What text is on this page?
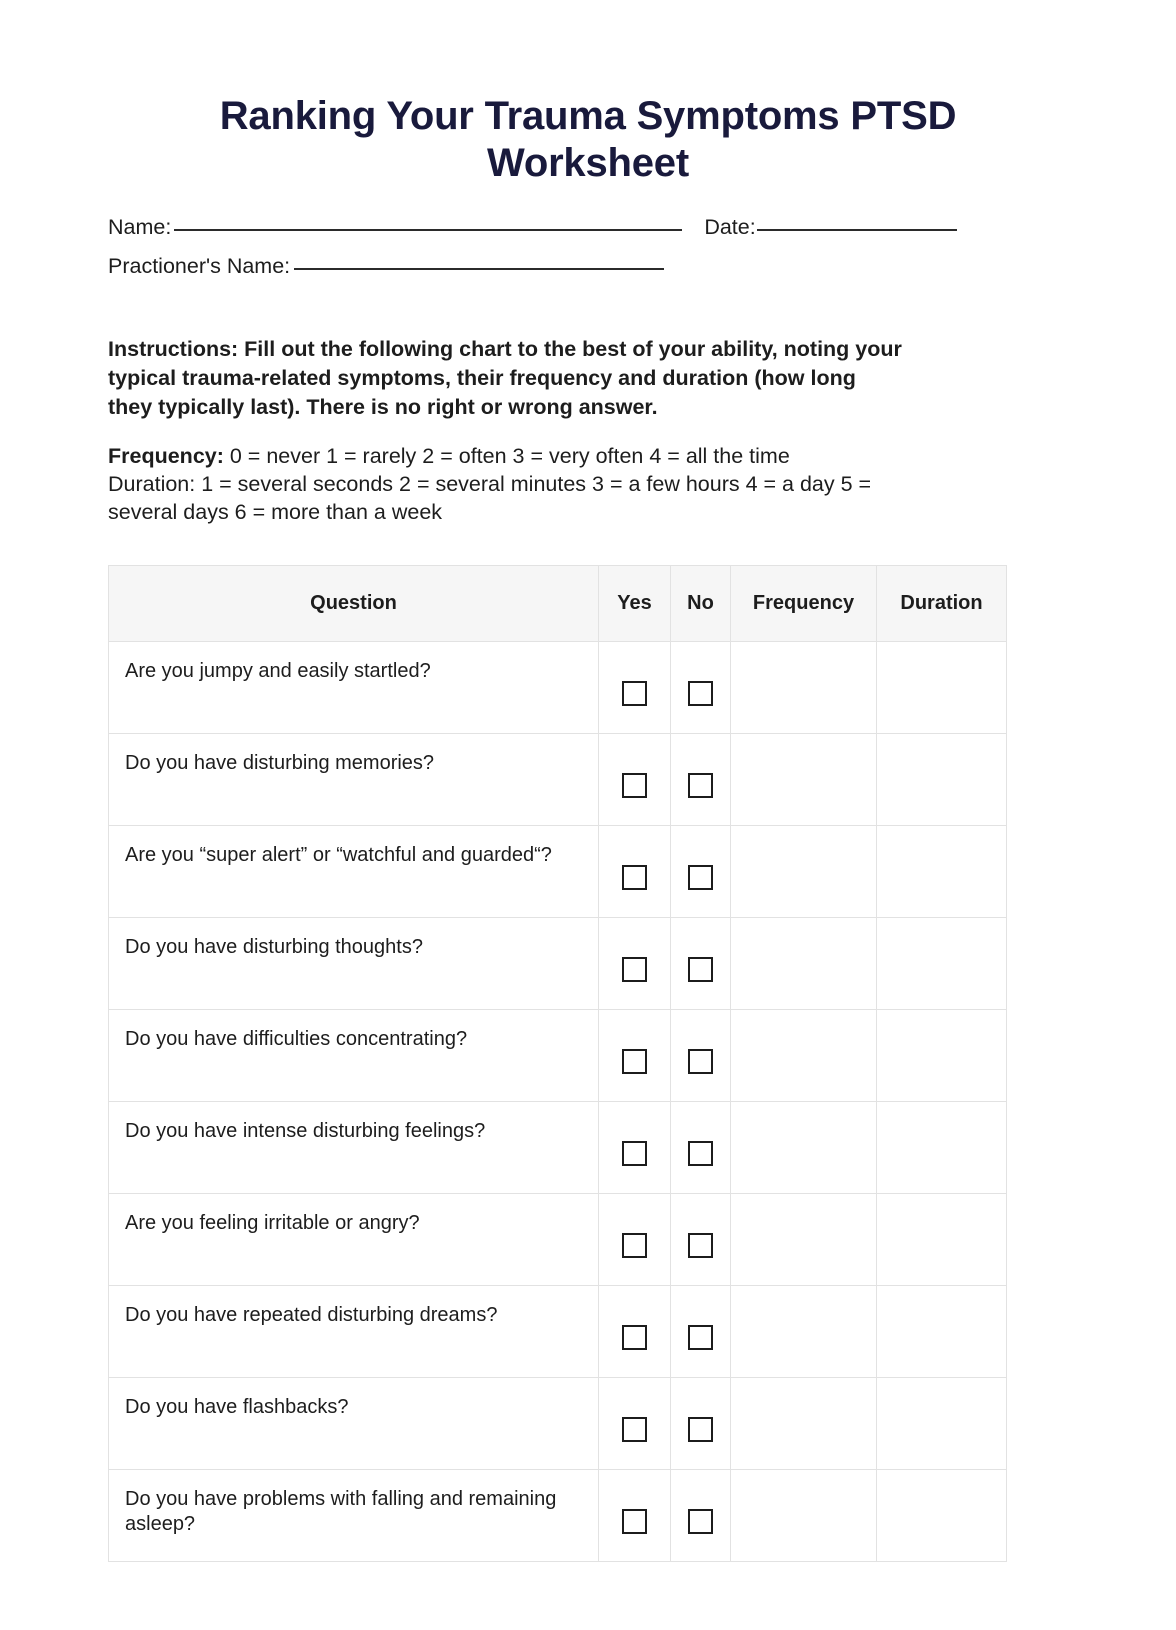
Ranking Your Trauma Symptoms PTSD Worksheet
Name:	Date:
Practioner's Name:
Instructions: Fill out the following chart to the best of your ability, noting your typical trauma-related symptoms, their frequency and duration (how long they typically last). There is no right or wrong answer.
Frequency: 0 = never 1 = rarely 2 = often 3 = very often 4 = all the time
Duration: 1 = several seconds 2 = several minutes 3 = a few hours 4 = a day 5 = several days 6 = more than a week
Question	Yes	No	Frequency	Duration
Are you jumpy and easily startled?				
Do you have disturbing memories?				
Are you “super alert” or “watchful and guarded“?				
Do you have disturbing thoughts?				
Do you have difficulties concentrating?				
Do you have intense disturbing feelings?				
Are you feeling irritable or angry?				
Do you have repeated disturbing dreams?				
Do you have flashbacks?				
Do you have problems with falling and remaining asleep?				
